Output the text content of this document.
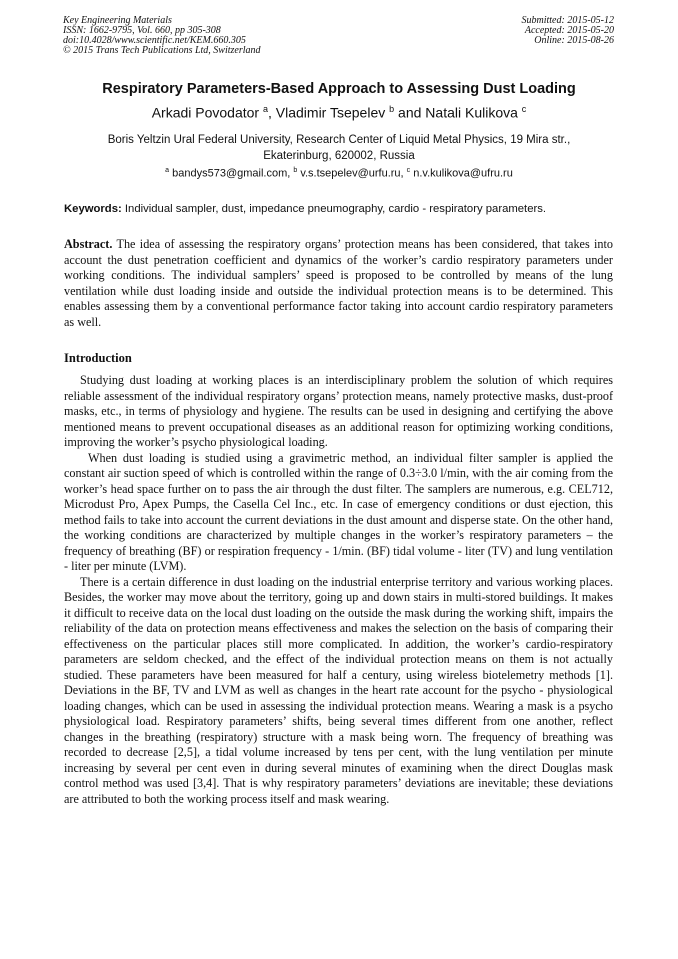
Key Engineering Materials
ISSN: 1662-9795, Vol. 660, pp 305-308
doi:10.4028/www.scientific.net/KEM.660.305
© 2015 Trans Tech Publications Ltd, Switzerland
Submitted: 2015-05-12
Accepted: 2015-05-20
Online: 2015-08-26
Respiratory Parameters-Based Approach to Assessing Dust Loading
Arkadi Povodator $^a$, Vladimir Tsepelev $^b$ and Natali Kulikova $^c$
Boris Yeltzin Ural Federal University, Research Center of Liquid Metal Physics, 19 Mira str.,
Ekaterinburg, 620002, Russia
$^a$ bandys573@gmail.com, $^b$ v.s.tsepelev@urfu.ru, $^c$ n.v.kulikova@ufru.ru
Keywords: Individual sampler, dust, impedance pneumography, cardio - respiratory parameters.
Abstract. The idea of assessing the respiratory organs’ protection means has been considered, that takes into account the dust penetration coefficient and dynamics of the worker’s cardio respiratory parameters under working conditions. The individual samplers’ speed is proposed to be controlled by means of the lung ventilation while dust loading inside and outside the individual protection means is to be determined. This enables assessing them by a conventional performance factor taking into account cardio respiratory parameters as well.
Introduction

Studying dust loading at working places is an interdisciplinary problem the solution of which requires reliable assessment of the individual respiratory organs’ protection means, namely protective masks, dust-proof masks, etc., in terms of physiology and hygiene. The results can be used in designing and certifying the above mentioned means to prevent occupational diseases as an additional reason for optimizing working conditions, improving the worker’s psycho physiological loading.

When dust loading is studied using a gravimetric method, an individual filter sampler is applied the constant air suction speed of which is controlled within the range of 0.3÷3.0 l/min, with the air coming from the worker’s head space further on to pass the air through the dust filter. The samplers are numerous, e.g. CEL712, Microdust Pro, Apex Pumps, the Casella Cel Inc., etc. In case of emergency conditions or dust ejection, this method fails to take into account the current deviations in the dust amount and disperse state. On the other hand, the working conditions are characterized by multiple changes in the worker’s respiratory parameters – the frequency of breathing (BF) or respiration frequency - 1/min. (BF) tidal volume - liter (TV) and lung ventilation - liter per minute (LVM).

There is a certain difference in dust loading on the industrial enterprise territory and various working places. Besides, the worker may move about the territory, going up and down stairs in multi-stored buildings. It makes it difficult to receive data on the local dust loading on the outside the mask during the working shift, impairs the reliability of the data on protection means effectiveness and makes the selection on the basis of comparing their effectiveness on the particular places still more complicated. In addition, the worker’s cardio-respiratory parameters are seldom checked, and the effect of the individual protection means on them is not actually studied. These parameters have been measured for half a century, using wireless biotelemetry methods [1]. Deviations in the BF, TV and LVM as well as changes in the heart rate account for the psycho - physiological loading changes, which can be used in assessing the individual protection means. Wearing a mask is a psycho physiological load. Respiratory parameters’ shifts, being several times different from one another, reflect changes in the breathing (respiratory) structure with a mask being worn. The frequency of breathing was recorded to decrease [2,5], a tidal volume increased by tens per cent, with the lung ventilation per minute increasing by several per cent even in during several minutes of examining when the direct Douglas mask control method was used [3,4]. That is why respiratory parameters’ deviations are inevitable; these deviations are attributed to both the working process itself and mask wearing.
